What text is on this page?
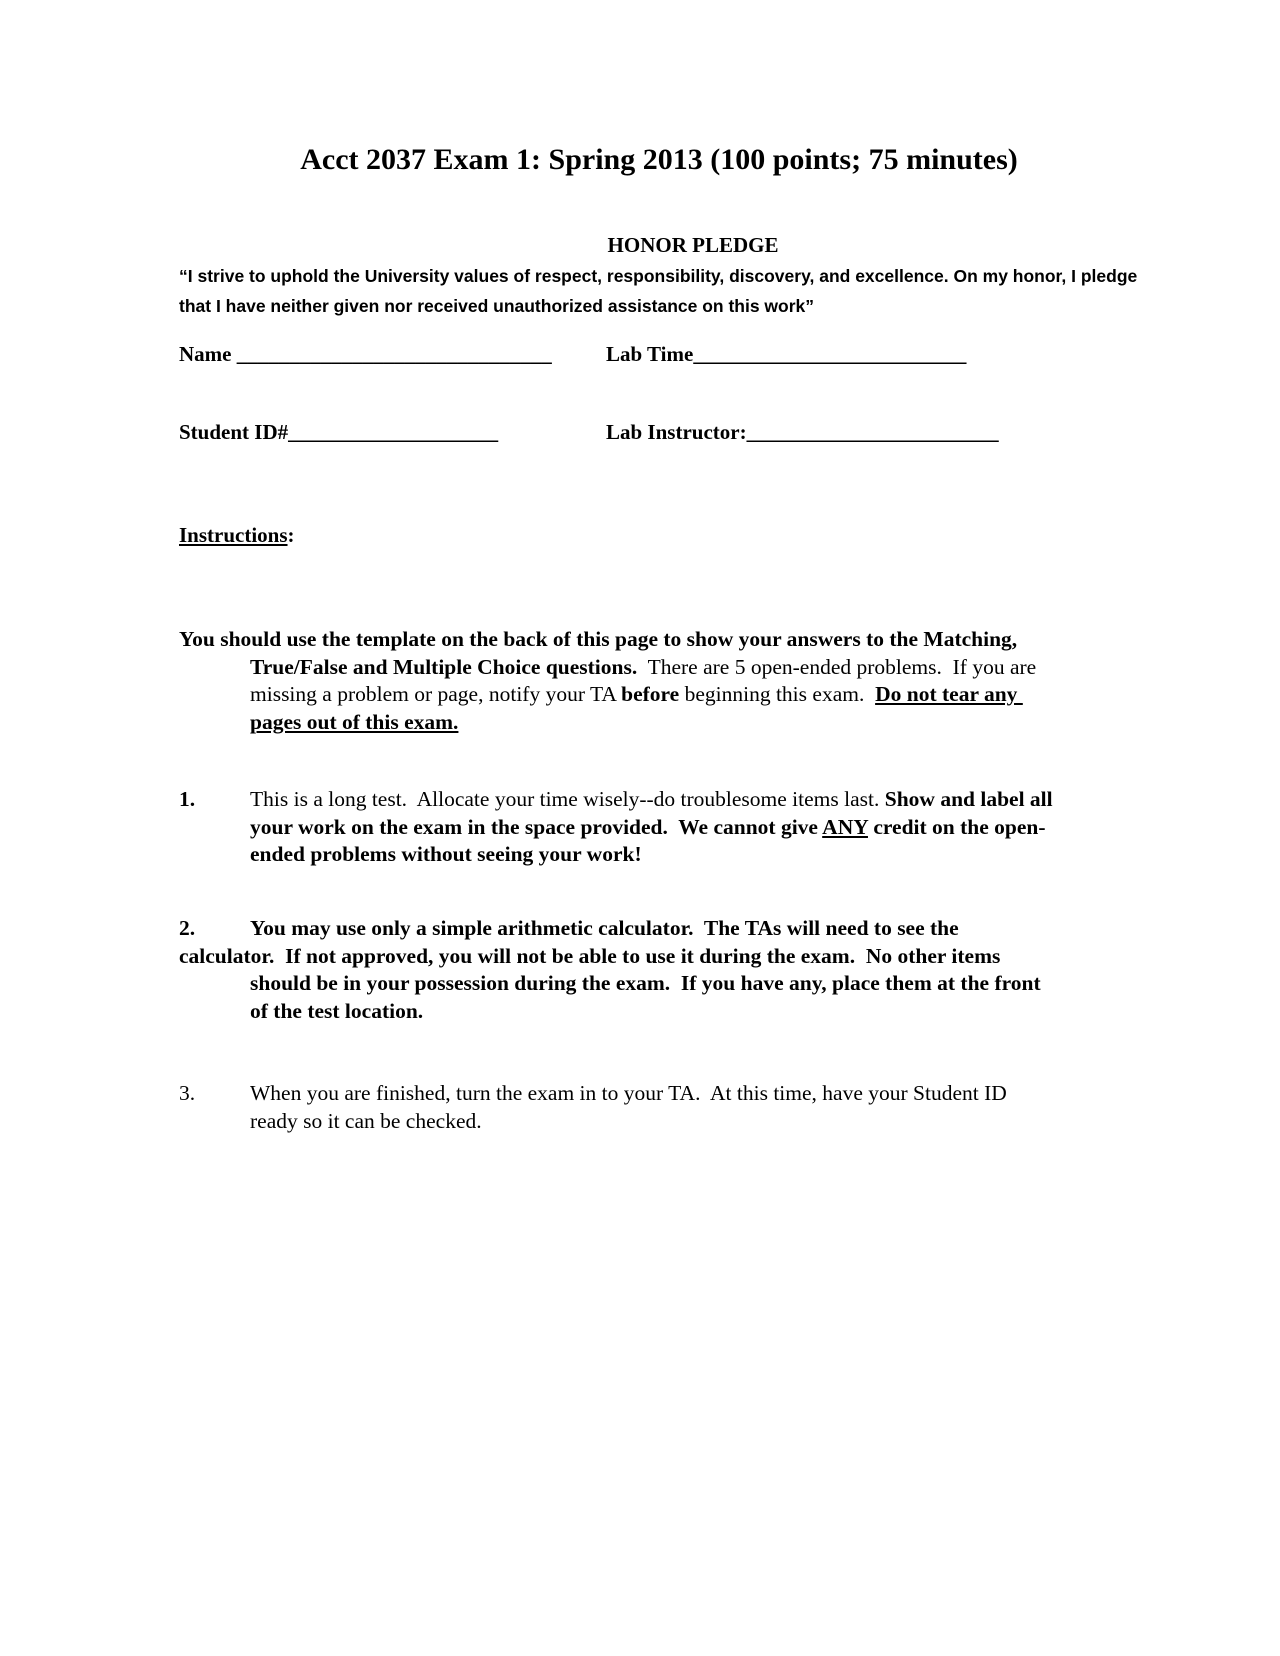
Acct 2037 Exam 1: Spring 2013 (100 points; 75 minutes)
HONOR PLEDGE
“I strive to uphold the University values of respect, responsibility, discovery, and excellence. On my honor, I pledge that I have neither given nor received unauthorized assistance on this work”
Name ______________________________	Lab Time__________________________
Student ID#____________________	Lab Instructor:________________________
Instructions:
You should use the template on the back of this page to show your answers to the Matching,
True/False and Multiple Choice questions.  There are 5 open-ended problems.  If you are
missing a problem or page, notify your TA before beginning this exam.  Do not tear any
pages out of this exam.
1.	This is a long test.  Allocate your time wisely--do troublesome items last. Show and label all
your work on the exam in the space provided.  We cannot give ANY credit on the open-
ended problems without seeing your work!
2.	You may use only a simple arithmetic calculator.  The TAs will need to see the
calculator.  If not approved, you will not be able to use it during the exam.  No other items
should be in your possession during the exam.  If you have any, place them at the front
of the test location.
3.	When you are finished, turn the exam in to your TA.  At this time, have your Student ID
ready so it can be checked.
